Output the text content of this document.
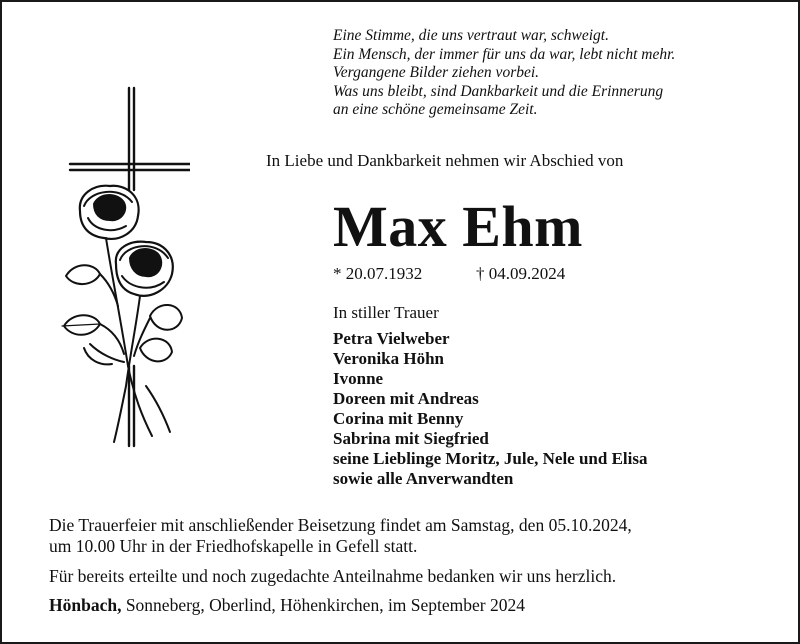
Eine Stimme, die uns vertraut war, schweigt.
Ein Mensch, der immer für uns da war, lebt nicht mehr.
Vergangene Bilder ziehen vorbei.
Was uns bleibt, sind Dankbarkeit und die Erinnerung
an eine schöne gemeinsame Zeit.
In Liebe und Dankbarkeit nehmen wir Abschied von
Max Ehm
* 20.07.1932	† 04.09.2024
In stiller Trauer
Petra Vielweber
Veronika Höhn
Ivonne
Doreen mit Andreas
Corina mit Benny
Sabrina mit Siegfried
seine Lieblinge Moritz, Jule, Nele und Elisa
sowie alle Anverwandten
Die Trauerfeier mit anschließender Beisetzung findet am Samstag, den 05.10.2024,
um 10.00 Uhr in der Friedhofskapelle in Gefell statt.
Für bereits erteilte und noch zugedachte Anteilnahme bedanken wir uns herzlich.
Hönbach, Sonneberg, Oberlind, Höhenkirchen, im September 2024
